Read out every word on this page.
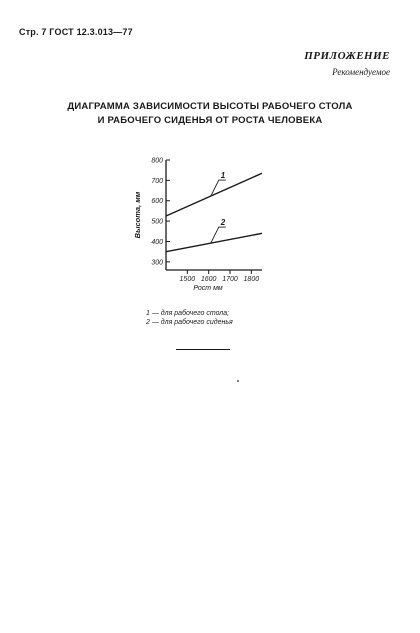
Стр. 7 ГОСТ 12.3.013—77
ПРИЛОЖЕНИЕ
Рекомендуемое
ДИАГРАММА ЗАВИСИМОСТИ ВЫСОТЫ РАБОЧЕГО СТОЛА
И РАБОЧЕГО СИДЕНЬЯ ОТ РОСТА ЧЕЛОВЕКА
800
700
600
500
400
300
1500 1600 1700 1800
Рост мм
Высота, мм
1
2
1 — для рабочего стола;
2 — для рабочего сиденья
